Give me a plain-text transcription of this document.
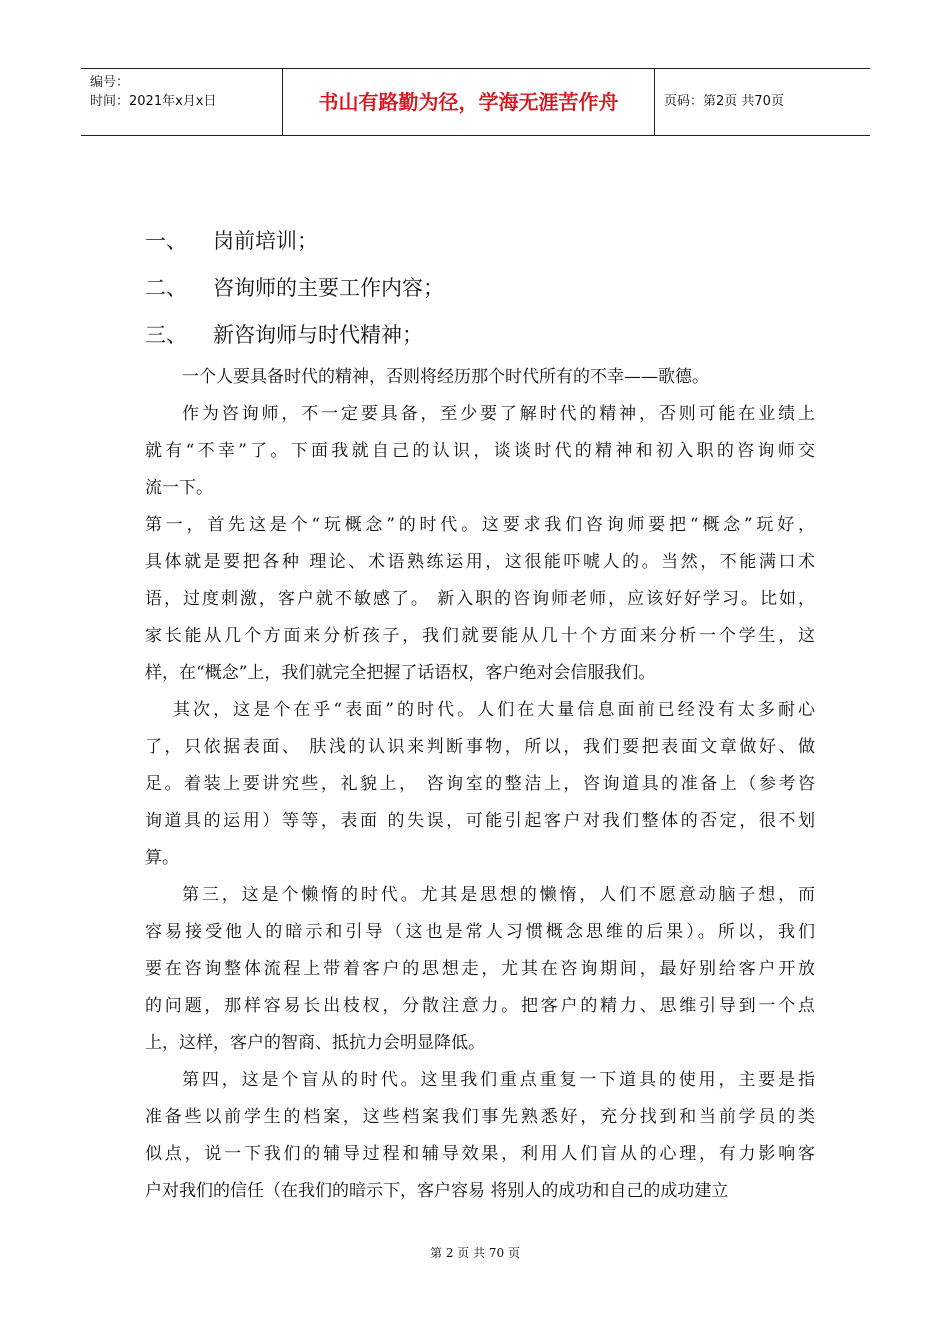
编号：
时间：2021年x月x日	书山有路勤为径，学海无涯苦作舟	页码：第2页 共70页
一、 岗前培训；
二、 咨询师的主要工作内容；
三、 新咨询师与时代精神；
一个人要具备时代的精神，否则将经历那个时代所有的不幸——歌德。
作为咨询师，不一定要具备，至少要了解时代的精神，否则可能在业绩上
就有“不幸”了。下面我就自己的认识，谈谈时代的精神和初入职的咨询师交
流一下。
第一，首先这是个“玩概念”的时代。这要求我们咨询师要把“概念”玩好，
具体就是要把各种 理论、术语熟练运用，这很能吓唬人的。当然，不能满口术
语，过度刺激，客户就不敏感了。 新入职的咨询师老师，应该好好学习。比如，
家长能从几个方面来分析孩子，我们就要能从几十个方面来分析一个学生，这
样，在“概念”上，我们就完全把握了话语权，客户绝对会信服我们。
其次，这是个在乎“表面”的时代。人们在大量信息面前已经没有太多耐心
了，只依据表面、 肤浅的认识来判断事物，所以，我们要把表面文章做好、做
足。着装上要讲究些，礼貌上， 咨询室的整洁上，咨询道具的准备上（参考咨
询道具的运用）等等，表面 的失误，可能引起客户对我们整体的否定，很不划
算。
第三，这是个懒惰的时代。尤其是思想的懒惰，人们不愿意动脑子想，而
容易接受他人的暗示和引导（这也是常人习惯概念思维的后果）。所以，我们
要在咨询整体流程上带着客户的思想走，尤其在咨询期间，最好别给客户开放
的问题，那样容易长出枝杈，分散注意力。把客户的精力、思维引导到一个点
上，这样，客户的智商、抵抗力会明显降低。
第四，这是个盲从的时代。这里我们重点重复一下道具的使用，主要是指
准备些以前学生的档案，这些档案我们事先熟悉好，充分找到和当前学员的类
似点，说一下我们的辅导过程和辅导效果，利用人们盲从的心理，有力影响客
户对我们的信任（在我们的暗示下，客户容易 将别人的成功和自己的成功建立
第 2 页 共 70 页
